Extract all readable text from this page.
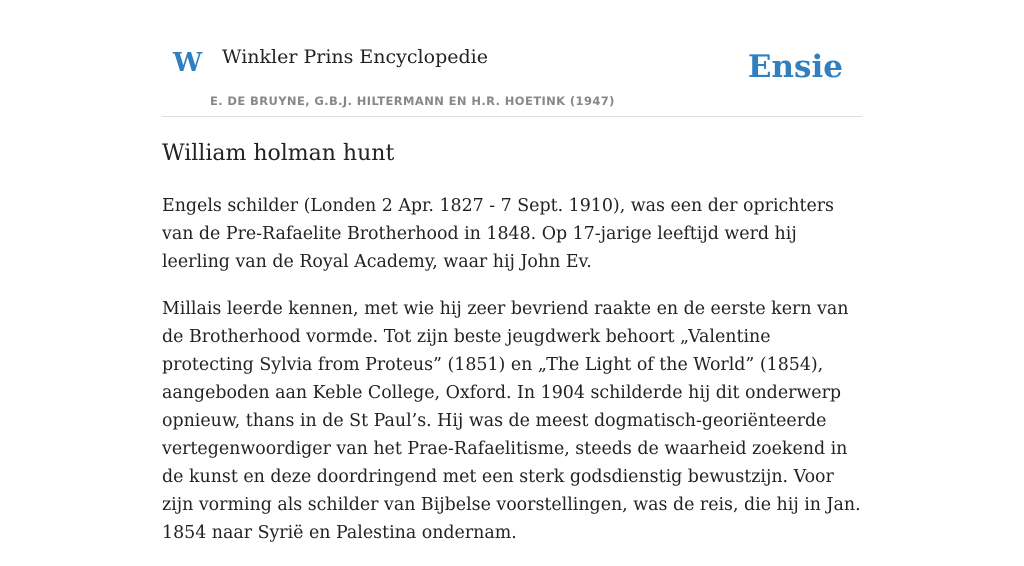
W Winkler Prins Encyclopedie
E. DE BRUYNE, G.B.J. HILTERMANN EN H.R. HOETINK (1947)
Ensie
William holman hunt

Engels schilder (Londen 2 Apr. 1827 - 7 Sept. 1910), was een der oprichters van de Pre-Rafaelite Brotherhood in 1848. Op 17-jarige leeftijd werd hij leerling van de Royal Academy, waar hij John Ev.

Millais leerde kennen, met wie hij zeer bevriend raakte en de eerste kern van de Brotherhood vormde. Tot zijn beste jeugdwerk behoort „Valentine protecting Sylvia from Proteus” (1851) en „The Light of the World” (1854), aangeboden aan Keble College, Oxford. In 1904 schilderde hij dit onderwerp opnieuw, thans in de St Paul’s. Hij was de meest dogmatisch-georiënteerde vertegenwoordiger van het Prae-Rafaelitisme, steeds de waarheid zoekend in de kunst en deze doordringend met een sterk godsdienstig bewustzijn. Voor zijn vorming als schilder van Bijbelse voorstellingen, was de reis, die hij in Jan. 1854 naar Syrië en Palestina ondernam.
